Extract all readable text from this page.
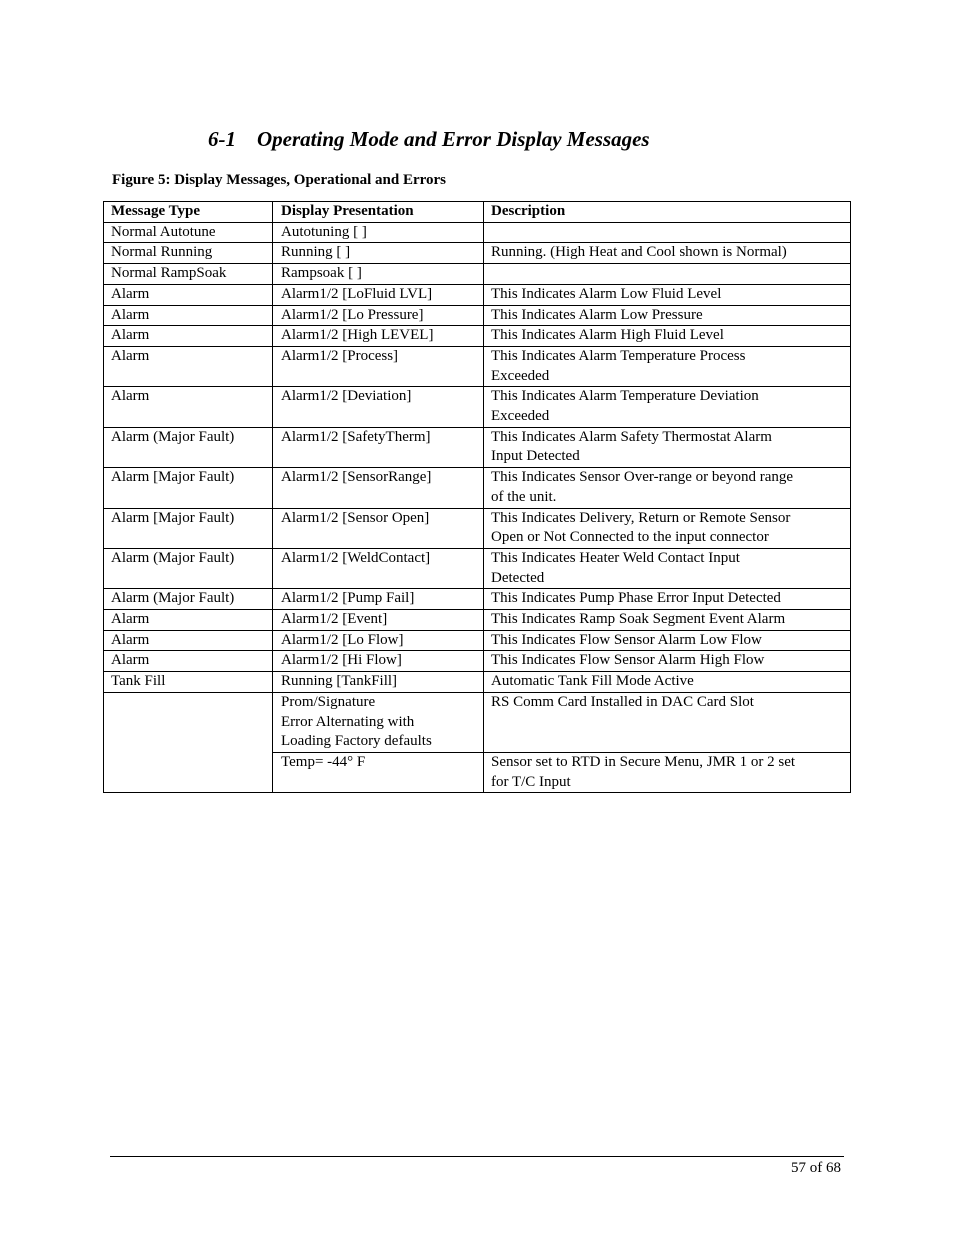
6-1    Operating Mode and Error Display Messages
Figure 5: Display Messages, Operational and Errors
Message Type	Display Presentation	Description
Normal Autotune	Autotuning [ ]	
Normal Running	Running [ ]	Running. (High Heat and Cool shown is Normal)
Normal RampSoak	Rampsoak [ ]	
Alarm	Alarm1/2 [LoFluid LVL]	This Indicates Alarm Low Fluid Level
Alarm	Alarm1/2 [Lo Pressure]	This Indicates Alarm Low Pressure
Alarm	Alarm1/2 [High LEVEL]	This Indicates Alarm High Fluid Level
Alarm	Alarm1/2 [Process]	This Indicates Alarm Temperature Process
Exceeded
Alarm	Alarm1/2 [Deviation]	This Indicates Alarm Temperature Deviation
Exceeded
Alarm (Major Fault)	Alarm1/2 [SafetyTherm]	This Indicates Alarm Safety Thermostat Alarm
Input Detected
Alarm [Major Fault)	Alarm1/2 [SensorRange]	This Indicates Sensor Over-range or beyond range
of the unit.
Alarm [Major Fault)	Alarm1/2 [Sensor Open]	This Indicates Delivery, Return or Remote Sensor
Open or Not Connected to the input connector
Alarm (Major Fault)	Alarm1/2 [WeldContact]	This Indicates Heater Weld Contact Input
Detected
Alarm (Major Fault)	Alarm1/2 [Pump Fail]	This Indicates Pump Phase Error Input Detected
Alarm	Alarm1/2 [Event]	This Indicates Ramp Soak Segment Event Alarm
Alarm	Alarm1/2 [Lo Flow]	This Indicates Flow Sensor Alarm Low Flow
Alarm	Alarm1/2 [Hi Flow]	This Indicates Flow Sensor Alarm High Flow
Tank Fill	Running [TankFill]	Automatic Tank Fill Mode Active
	Prom/Signature
Error Alternating with
Loading Factory defaults	RS Comm Card Installed in DAC Card Slot
	Temp= -44° F	Sensor set to RTD in Secure Menu, JMR 1 or 2 set
for T/C Input
57 of 68
